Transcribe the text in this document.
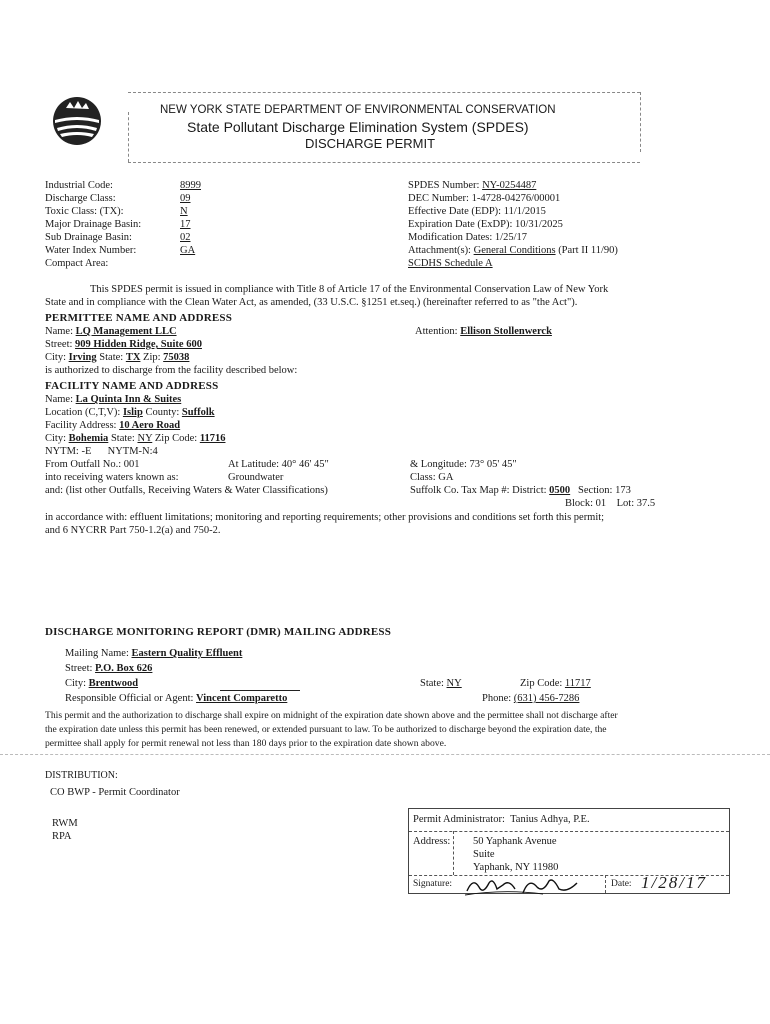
NEW YORK STATE DEPARTMENT OF ENVIRONMENTAL CONSERVATION
State Pollutant Discharge Elimination System (SPDES)
DISCHARGE PERMIT
Industrial Code:	8999
Discharge Class:	09
Toxic Class: (TX):	N
Major Drainage Basin:	17
Sub Drainage Basin:	02
Water Index Number:	GA
Compact Area:
SPDES Number: NY-0254487
DEC Number: 1-4728-04276/00001
Effective Date (EDP): 11/1/2015
Expiration Date (ExDP): 10/31/2025
Modification Dates: 1/25/17
Attachment(s): General Conditions (Part II 11/90)
SCDHS Schedule A
This SPDES permit is issued in compliance with Title 8 of Article 17 of the Environmental Conservation Law of New York
State and in compliance with the Clean Water Act, as amended, (33 U.S.C. §1251 et.seq.) (hereinafter referred to as "the Act").
PERMITTEE NAME AND ADDRESS
Name: LQ Management LLC	Attention: Ellison Stollenwerck
Street: 909 Hidden Ridge, Suite 600
City: Irving State: TX Zip: 75038
is authorized to discharge from the facility described below:
FACILITY NAME AND ADDRESS
Name: La Quinta Inn & Suites
Location (C,T,V): Islip County: Suffolk
Facility Address: 10 Aero Road
City: Bohemia State: NY Zip Code: 11716
NYTM: -E NYTM-N:4
From Outfall No.: 001	At Latitude: 40° 46' 45"	& Longitude: 73° 05' 45"
into receiving waters known as:	Groundwater	Class: GA
and: (list other Outfalls, Receiving Waters & Water Classifications)	Suffolk Co. Tax Map #: District: 0500 Section: 173
Block: 01 Lot: 37.5
in accordance with: effluent limitations; monitoring and reporting requirements; other provisions and conditions set forth this permit;
and 6 NYCRR Part 750-1.2(a) and 750-2.
DISCHARGE MONITORING REPORT (DMR) MAILING ADDRESS
Mailing Name: Eastern Quality Effluent
Street: P.O. Box 626
City: Brentwood	State: NY	Zip Code: 11717
Responsible Official or Agent: Vincent Comparetto	Phone: (631) 456-7286
This permit and the authorization to discharge shall expire on midnight of the expiration date shown above and the permittee shall not discharge after
the expiration date unless this permit has been renewed, or extended pursuant to law. To be authorized to discharge beyond the expiration date, the
permittee shall apply for permit renewal not less than 180 days prior to the expiration date shown above.
DISTRIBUTION:
CO BWP - Permit Coordinator
RWM
RPA
Permit Administrator: Tanius Adhya, P.E.
Address: 50 Yaphank Avenue
Suite
Yaphank, NY 11980
Signature:	Date: 1/28/17
